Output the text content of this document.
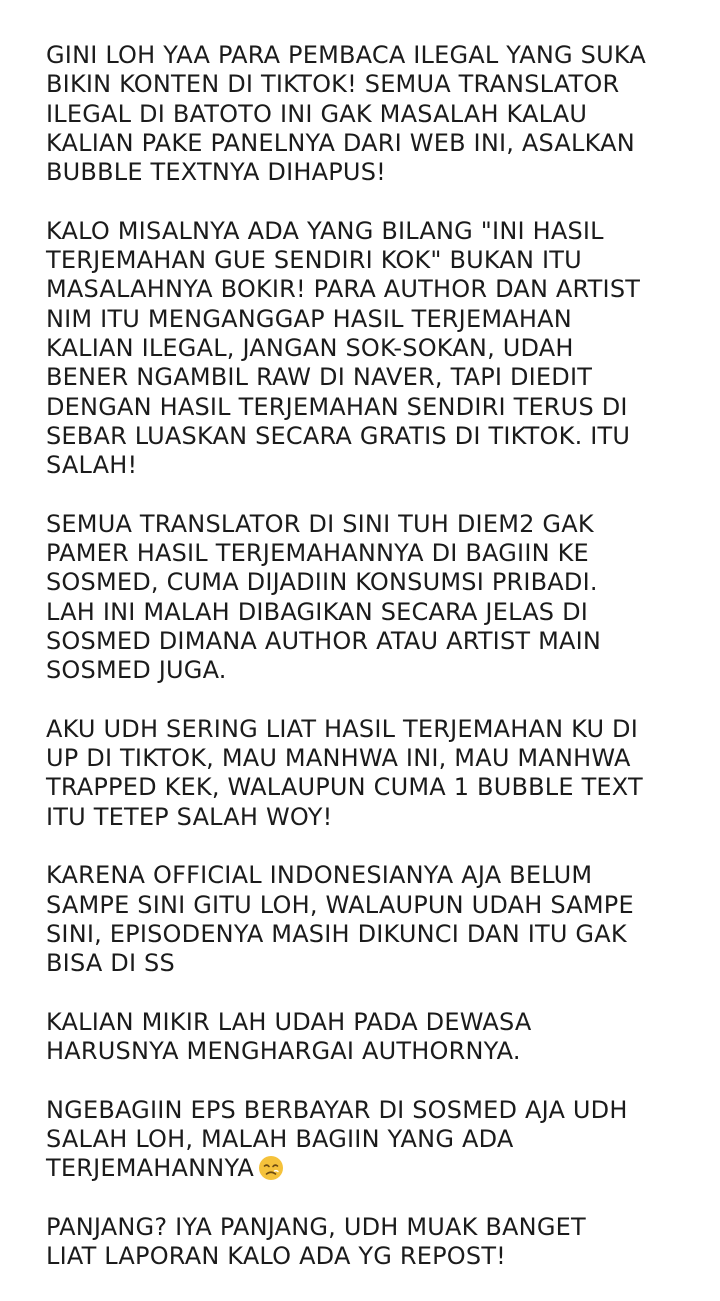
GINI LOH YAA PARA PEMBACA ILEGAL YANG SUKA
BIKIN KONTEN DI TIKTOK! SEMUA TRANSLATOR
ILEGAL DI BATOTO INI GAK MASALAH KALAU
KALIAN PAKE PANELNYA DARI WEB INI, ASALKAN
BUBBLE TEXTNYA DIHAPUS!

KALO MISALNYA ADA YANG BILANG "INI HASIL
TERJEMAHAN GUE SENDIRI KOK" BUKAN ITU
MASALAHNYA BOKIR! PARA AUTHOR DAN ARTIST
NIM ITU MENGANGGAP HASIL TERJEMAHAN
KALIAN ILEGAL, JANGAN SOK-SOKAN, UDAH
BENER NGAMBIL RAW DI NAVER, TAPI DIEDIT
DENGAN HASIL TERJEMAHAN SENDIRI TERUS DI
SEBAR LUASKAN SECARA GRATIS DI TIKTOK. ITU
SALAH!

SEMUA TRANSLATOR DI SINI TUH DIEM2 GAK
PAMER HASIL TERJEMAHANNYA DI BAGIIN KE
SOSMED, CUMA DIJADIIN KONSUMSI PRIBADI.
LAH INI MALAH DIBAGIKAN SECARA JELAS DI
SOSMED DIMANA AUTHOR ATAU ARTIST MAIN
SOSMED JUGA.

AKU UDH SERING LIAT HASIL TERJEMAHAN KU DI
UP DI TIKTOK, MAU MANHWA INI, MAU MANHWA
TRAPPED KEK, WALAUPUN CUMA 1 BUBBLE TEXT
ITU TETEP SALAH WOY!

KARENA OFFICIAL INDONESIANYA AJA BELUM
SAMPE SINI GITU LOH, WALAUPUN UDAH SAMPE
SINI, EPISODENYA MASIH DIKUNCI DAN ITU GAK
BISA DI SS

KALIAN MIKIR LAH UDAH PADA DEWASA
HARUSNYA MENGHARGAI AUTHORNYA.

NGEBAGIIN EPS BERBAYAR DI SOSMED AJA UDH
SALAH LOH, MALAH BAGIIN YANG ADA
TERJEMAHANNYA

PANJANG? IYA PANJANG, UDH MUAK BANGET
LIAT LAPORAN KALO ADA YG REPOST!
